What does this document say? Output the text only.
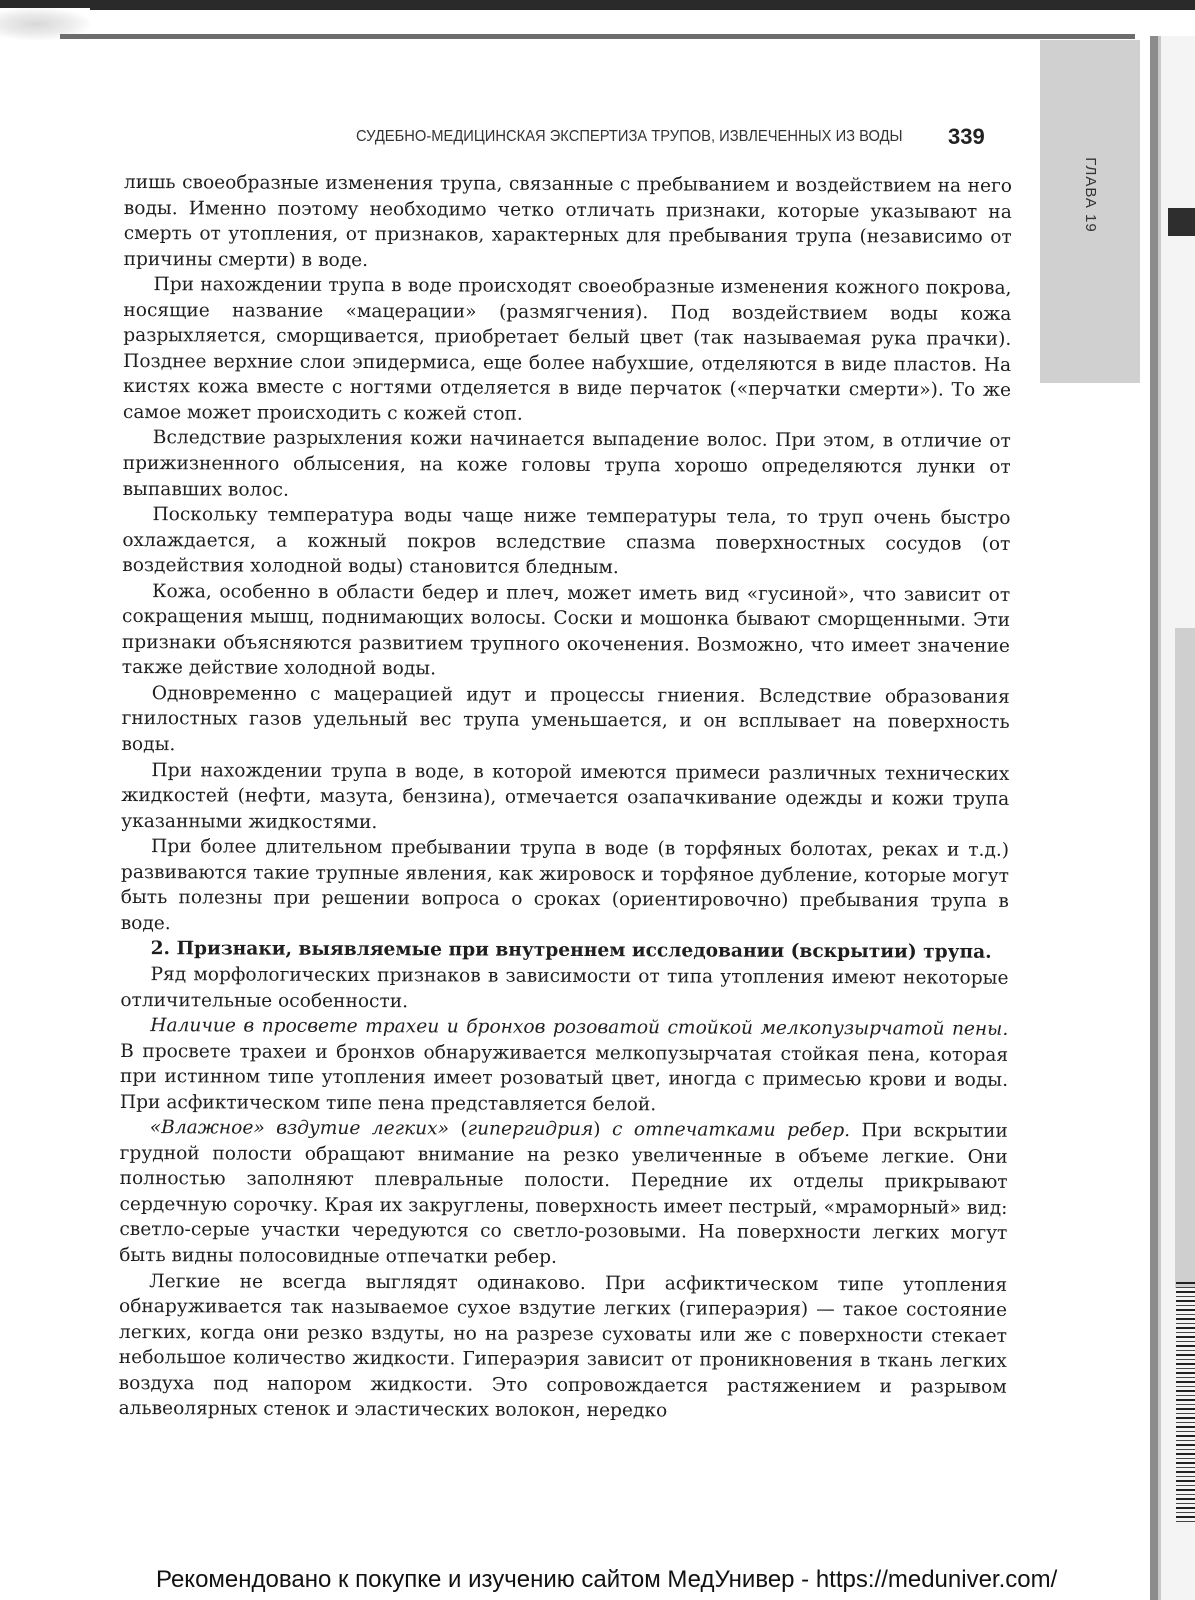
ГЛАВА 19
СУДЕБНО-МЕДИЦИНСКАЯ ЭКСПЕРТИЗА ТРУПОВ, ИЗВЛЕЧЕННЫХ ИЗ ВОДЫ 339

лишь своеобразные изменения трупа, связанные с пребыванием и воздействием на него воды. Именно поэтому необходимо четко отличать признаки, которые указывают на смерть от утопления, от признаков, характерных для пребывания трупа (независимо от причины смерти) в воде.

При нахождении трупа в воде происходят своеобразные изменения кожного покрова, носящие название «мацерации» (размягчения). Под воздействием воды кожа разрыхляется, сморщивается, приобретает белый цвет (так называемая рука прачки). Позднее верхние слои эпидермиса, еще более набухшие, отделяются в виде пластов. На кистях кожа вместе с ногтями отделяется в виде перчаток («перчатки смерти»). То же самое может происходить с кожей стоп.

Вследствие разрыхления кожи начинается выпадение волос. При этом, в отличие от прижизненного облысения, на коже головы трупа хорошо определяются лунки от выпавших волос.

Поскольку температура воды чаще ниже температуры тела, то труп очень быстро охлаждается, а кожный покров вследствие спазма поверхностных сосудов (от воздействия холодной воды) становится бледным.

Кожа, особенно в области бедер и плеч, может иметь вид «гусиной», что зависит от сокращения мышц, поднимающих волосы. Соски и мошонка бывают сморщенными. Эти признаки объясняются развитием трупного окоченения. Возможно, что имеет значение также действие холодной воды.

Одновременно с мацерацией идут и процессы гниения. Вследствие образования гнилостных газов удельный вес трупа уменьшается, и он всплывает на поверхность воды.

При нахождении трупа в воде, в которой имеются примеси различных технических жидкостей (нефти, мазута, бензина), отмечается озапачкивание одежды и кожи трупа указанными жидкостями.

При более длительном пребывании трупа в воде (в торфяных болотах, реках и т.д.) развиваются такие трупные явления, как жировоск и торфяное дубление, которые могут быть полезны при решении вопроса о сроках (ориентировочно) пребывания трупа в воде.

2. Признаки, выявляемые при внутреннем исследовании (вскрытии) трупа.

Ряд морфологических признаков в зависимости от типа утопления имеют некоторые отличительные особенности.

Наличие в просвете трахеи и бронхов розоватой стойкой мелкопузырчатой пены. В просвете трахеи и бронхов обнаруживается мелкопузырчатая стойкая пена, которая при истинном типе утопления имеет розоватый цвет, иногда с примесью крови и воды. При асфиктическом типе пена представляется белой.

«Влажное» вздутие легких» (гипергидрия) с отпечатками ребер. При вскрытии грудной полости обращают внимание на резко увеличенные в объеме легкие. Они полностью заполняют плевральные полости. Передние их отделы прикрывают сердечную сорочку. Края их закруглены, поверхность имеет пестрый, «мраморный» вид: светло-серые участки чередуются со светло-розовыми. На поверхности легких могут быть видны полосовидные отпечатки ребер.

Легкие не всегда выглядят одинаково. При асфиктическом типе утопления обнаруживается так называемое сухое вздутие легких (гипераэрия) — такое состояние легких, когда они резко вздуты, но на разрезе суховаты или же с поверхности стекает небольшое количество жидкости. Гипераэрия зависит от проникновения в ткань легких воздуха под напором жидкости. Это сопровождается растяжением и разрывом альвеолярных стенок и эластических волокон, нередко

Рекомендовано к покупке и изучению сайтом МедУнивер - https://meduniver.com/
